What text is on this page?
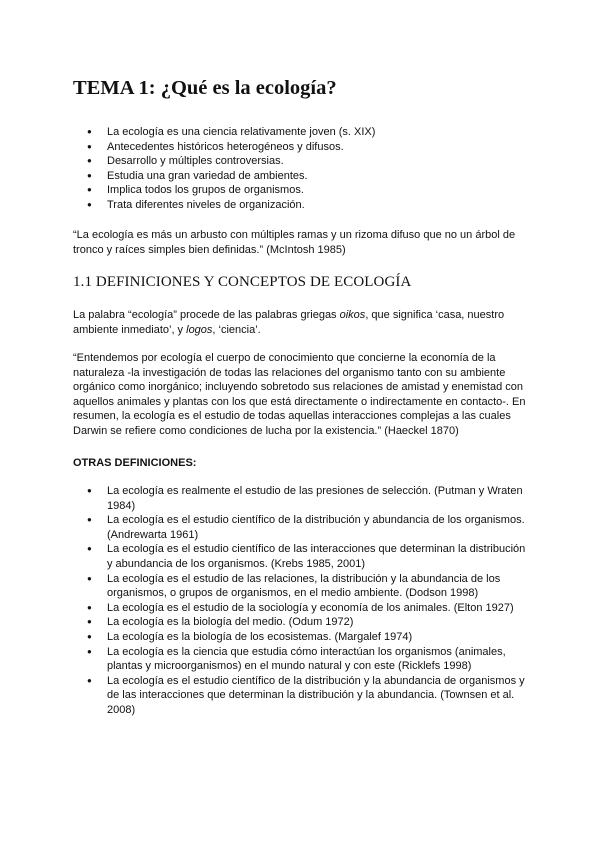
TEMA 1: ¿Qué es la ecología?
● La ecología es una ciencia relativamente joven (s. XIX)
● Antecedentes históricos heterogéneos y difusos.
● Desarrollo y múltiples controversias.
● Estudia una gran variedad de ambientes.
● Implica todos los grupos de organismos.
● Trata diferentes niveles de organización.

“La ecología es más un arbusto con múltiples ramas y un rizoma difuso que no un árbol de tronco y raíces simples bien definidas.” (McIntosh 1985)

1.1 DEFINICIONES Y CONCEPTOS DE ECOLOGÍA

La palabra “ecología” procede de las palabras griegas oikos, que significa ‘casa, nuestro ambiente inmediato’, y logos, ‘ciencia’.

“Entendemos por ecología el cuerpo de conocimiento que concierne la economía de la naturaleza -la investigación de todas las relaciones del organismo tanto con su ambiente orgánico como inorgánico; incluyendo sobretodo sus relaciones de amistad y enemistad con aquellos animales y plantas con los que está directamente o indirectamente en contacto-. En resumen, la ecología es el estudio de todas aquellas interacciones complejas a las cuales Darwin se refiere como condiciones de lucha por la existencia.” (Haeckel 1870)

OTRAS DEFINICIONES:

● La ecología es realmente el estudio de las presiones de selección. (Putman y Wraten 1984)
● La ecología es el estudio científico de la distribución y abundancia de los organismos. (Andrewarta 1961)
● La ecología es el estudio científico de las interacciones que determinan la distribución y abundancia de los organismos. (Krebs 1985, 2001)
● La ecología es el estudio de las relaciones, la distribución y la abundancia de los organismos, o grupos de organismos, en el medio ambiente. (Dodson 1998)
● La ecología es el estudio de la sociología y economía de los animales. (Elton 1927)
● La ecología es la biología del medio. (Odum 1972)
● La ecología es la biología de los ecosistemas. (Margalef 1974)
● La ecología es la ciencia que estudia cómo interactúan los organismos (animales, plantas y microorganismos) en el mundo natural y con este (Ricklefs 1998)
● La ecología es el estudio científico de la distribución y la abundancia de organismos y de las interacciones que determinan la distribución y la abundancia. (Townsen et al. 2008)
